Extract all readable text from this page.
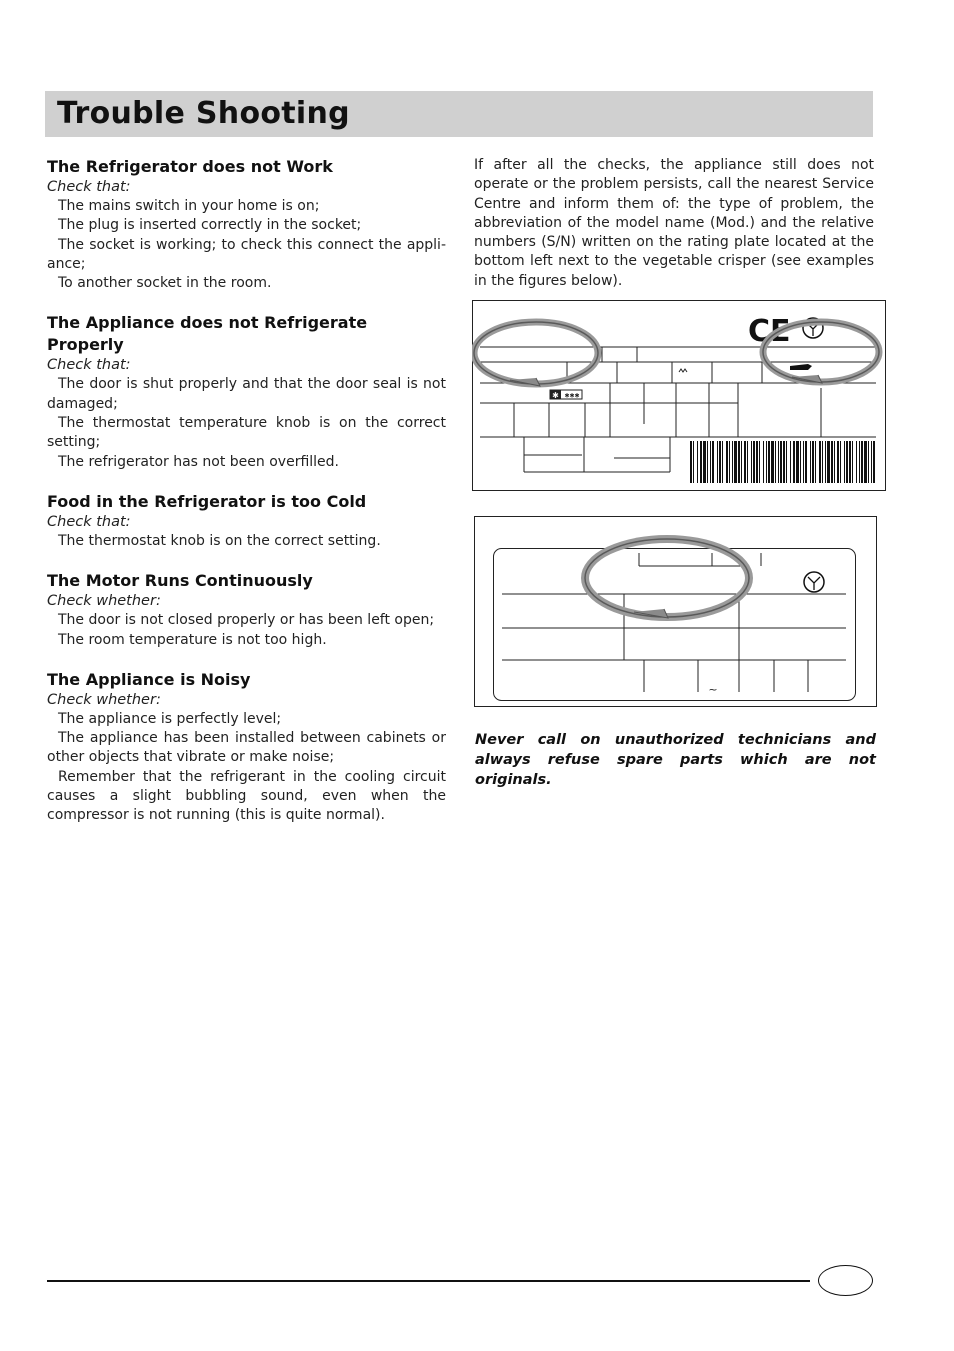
Trouble Shooting
The Refrigerator does not Work
Check that:
The mains switch in your home is on;
The plug is inserted correctly in the socket;
The socket is working; to check this connect the appli-ance;
To another socket in the room.
The Appliance does not Refrigerate Properly
Check that:
The door is shut properly and that the door seal is not damaged;
The thermostat temperature knob is on the correct setting;
The refrigerator has not been overfilled.
Food in the Refrigerator is too Cold
Check that:
The thermostat knob is on the correct setting.
The Motor Runs Continuously
Check whether:
The door is not closed properly or has been left open;
The room temperature is not too high.
The Appliance is Noisy
Check whether:
The appliance is perfectly level;
The appliance has been installed between cabinets or other objects that vibrate or make noise;
Remember that the refrigerant in the cooling circuit causes a slight bubbling sound, even when the compressor is not running (this is quite normal).
If after all the checks, the appliance still does not operate or the problem persists, call the nearest Service Centre and inform them of: the type of problem, the abbreviation of the model name (Mod.) and the relative numbers (S/N) written on the rating plate located at the bottom left next to the vegetable crisper (see examples in the figures below).
✱ ✱✱✱
CE
~
Never call on unauthorized technicians and always refuse spare parts which are not originals.
